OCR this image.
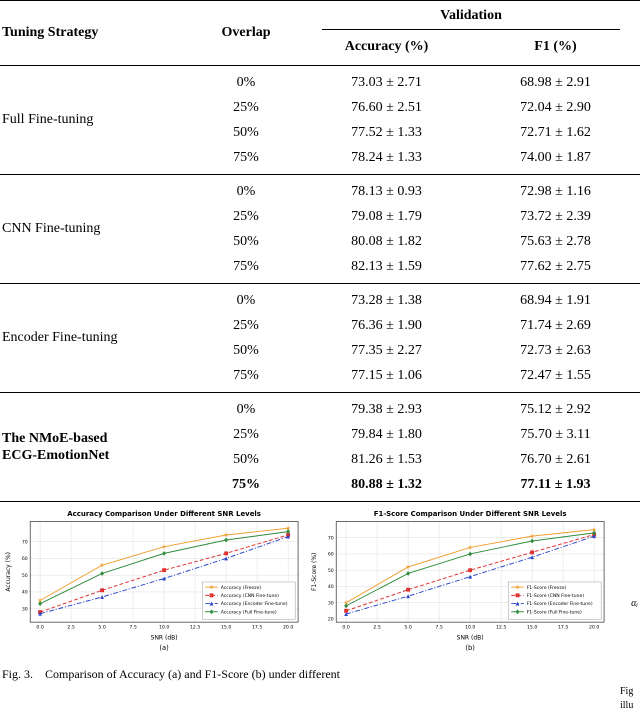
Tuning Strategy	Overlap
Validation
Accuracy (%)	F1 (%)
Full Fine-tuning
0%	73.03 ± 2.71	68.98 ± 2.91
25%	76.60 ± 2.51	72.04 ± 2.90
50%	77.52 ± 1.33	72.71 ± 1.62
75%	78.24 ± 1.33	74.00 ± 1.87
CNN Fine-tuning
0%	78.13 ± 0.93	72.98 ± 1.16
25%	79.08 ± 1.79	73.72 ± 2.39
50%	80.08 ± 1.82	75.63 ± 2.78
75%	82.13 ± 1.59	77.62 ± 2.75
Encoder Fine-tuning
0%	73.28 ± 1.38	68.94 ± 1.91
25%	76.36 ± 1.90	71.74 ± 2.69
50%	77.35 ± 2.27	72.73 ± 2.63
75%	77.15 ± 1.06	72.47 ± 1.55
The NMoE-based
ECG-EmotionNet
0%	79.38 ± 2.93	75.12 ± 2.92
25%	79.84 ± 1.80	75.70 ± 3.11
50%	81.26 ± 1.53	76.70 ± 2.61
75%	80.88 ± 1.32	77.11 ± 1.93
30
40
50
60
70
0.0	2.5	5.0	7.5	10.0	12.5	15.0	17.5	20.0
Accuracy Comparison Under Different SNR Levels
SNR (dB)
(a)
Accuracy (%)	Accuracy (Freeze)
Accuracy (CNN Fine-tune)
Accuracy (Encoder Fine-tune)
Accuracy (Full Fine-tune)
20
30
40
50
60
70
0.0	2.5	5.0	7.5	10.0	12.5	15.0	17.5	20.0
F1-Score Comparison Under Different SNR Levels
SNR (dB)
(b)
F1-Score (%)	F1-Score (Freeze)
F1-Score (CNN Fine-tune)
F1-Score (Encoder Fine-tune)
F1-Score (Full Fine-tune)
Fig. 3.    Comparison of Accuracy (a) and F1-Score (b) under different
αᵢ
Fig
illu
